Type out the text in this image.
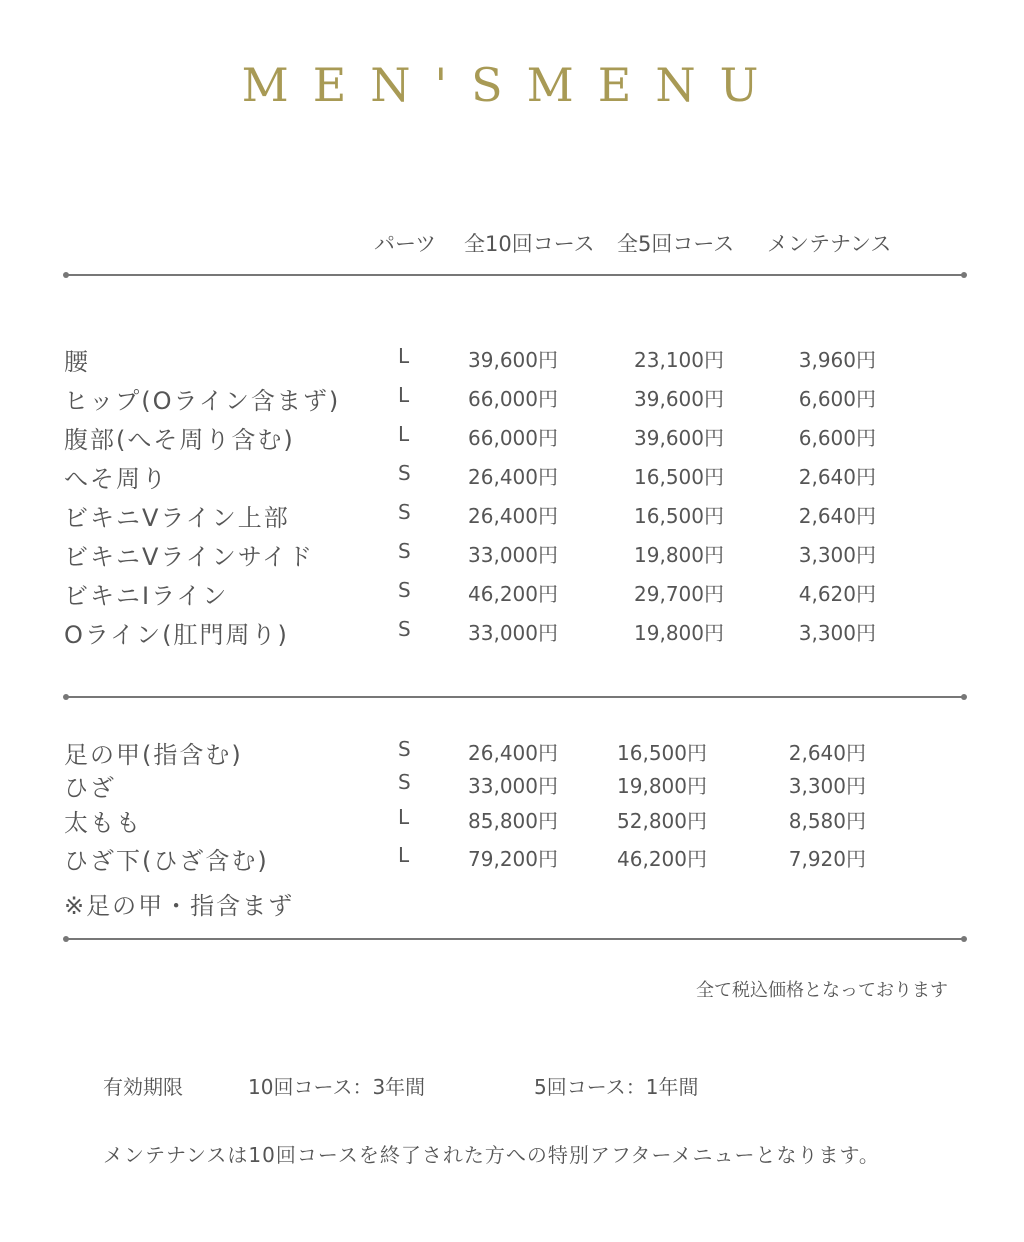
MEN'SMENU
パーツ 全10回コース 全5回コース メンテナンス
腰	L	39,600円	23,100円	3,960円
ヒップ(Oライン含まず)	L	66,000円	39,600円	6,600円
腹部(へそ周り含む)	L	66,000円	39,600円	6,600円
へそ周り	S	26,400円	16,500円	2,640円
ビキニVライン上部	S	26,400円	16,500円	2,640円
ビキニVラインサイド	S	33,000円	19,800円	3,300円
ビキニIライン	S	46,200円	29,700円	4,620円
Oライン(肛門周り)	S	33,000円	19,800円	3,300円
足の甲(指含む)	S	26,400円	16,500円	2,640円
ひざ	S	33,000円	19,800円	3,300円
太もも	L	85,800円	52,800円	8,580円
ひざ下(ひざ含む)	L	79,200円	46,200円	7,920円
※足の甲・指含まず
全て税込価格となっております
有効期限	10回コース：3年間	5回コース：1年間
メンテナンスは10回コースを終了された方への特別アフターメニューとなります。
